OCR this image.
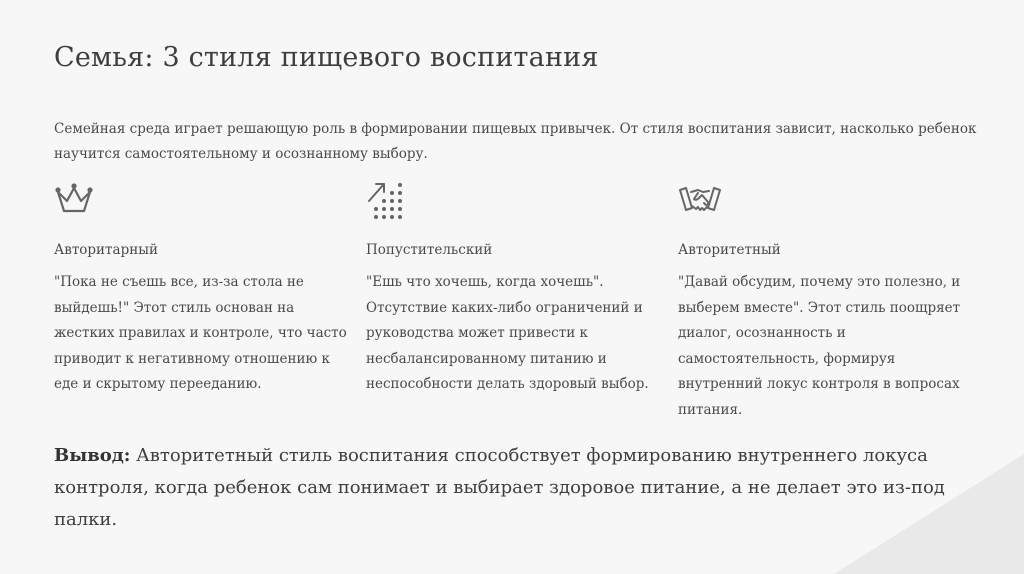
Семья: 3 стиля пищевого воспитания
Семейная среда играет решающую роль в формировании пищевых привычек. От стиля воспитания зависит, насколько ребенок научится самостоятельному и осознанному выбору.
Авторитарный
"Пока не съешь все, из-за стола не выйдешь!" Этот стиль основан на жестких правилах и контроле, что часто приводит к негативному отношению к еде и скрытому перееданию.
Попустительский
"Ешь что хочешь, когда хочешь". Отсутствие каких-либо ограничений и руководства может привести к несбалансированному питанию и неспособности делать здоровый выбор.
Авторитетный
"Давай обсудим, почему это полезно, и выберем вместе". Этот стиль поощряет диалог, осознанность и самостоятельность, формируя внутренний локус контроля в вопросах питания.
Вывод: Авторитетный стиль воспитания способствует формированию внутреннего локуса контроля, когда ребенок сам понимает и выбирает здоровое питание, а не делает это из-под палки.
